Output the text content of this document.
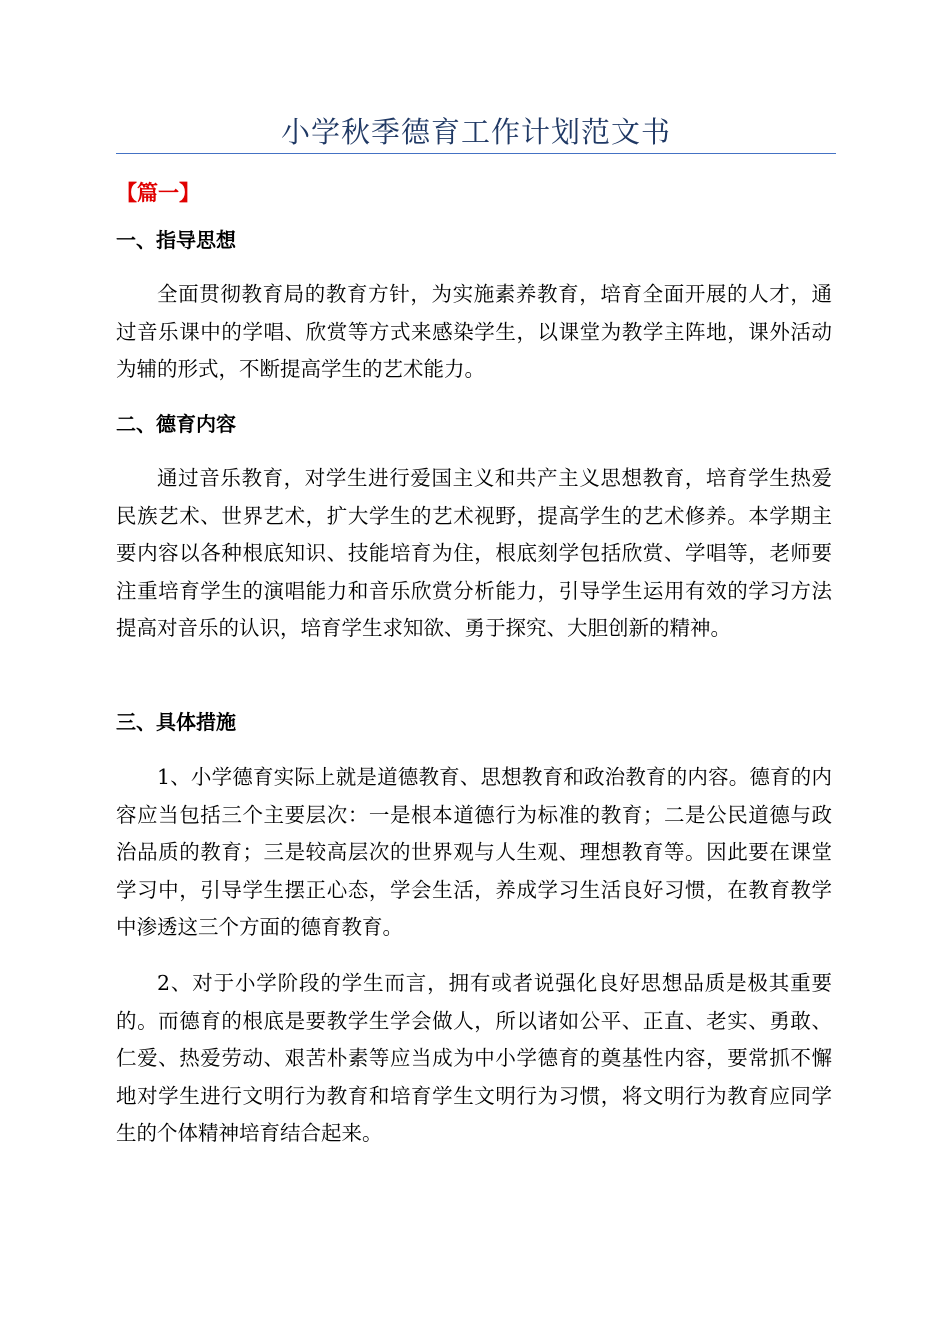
小学秋季德育工作计划范文书
【篇一】
一、指导思想
全面贯彻教育局的教育方针，为实施素养教育，培育全面开展的人才，通过音乐课中的学唱、欣赏等方式来感染学生，以课堂为教学主阵地，课外活动为辅的形式，不断提高学生的艺术能力。
二、德育内容
通过音乐教育，对学生进行爱国主义和共产主义思想教育，培育学生热爱民族艺术、世界艺术，扩大学生的艺术视野，提高学生的艺术修养。本学期主要内容以各种根底知识、技能培育为住，根底刻学包括欣赏、学唱等，老师要注重培育学生的演唱能力和音乐欣赏分析能力，引导学生运用有效的学习方法提高对音乐的认识，培育学生求知欲、勇于探究、大胆创新的精神。
三、具体措施
1、小学德育实际上就是道德教育、思想教育和政治教育的内容。德育的内容应当包括三个主要层次：一是根本道德行为标准的教育；二是公民道德与政治品质的教育；三是较高层次的世界观与人生观、理想教育等。因此要在课堂学习中，引导学生摆正心态，学会生活，养成学习生活良好习惯，在教育教学中渗透这三个方面的德育教育。
2、对于小学阶段的学生而言，拥有或者说强化良好思想品质是极其重要的。而德育的根底是要教学生学会做人，所以诸如公平、正直、老实、勇敢、仁爱、热爱劳动、艰苦朴素等应当成为中小学德育的奠基性内容，要常抓不懈地对学生进行文明行为教育和培育学生文明行为习惯，将文明行为教育应同学生的个体精神培育结合起来。
